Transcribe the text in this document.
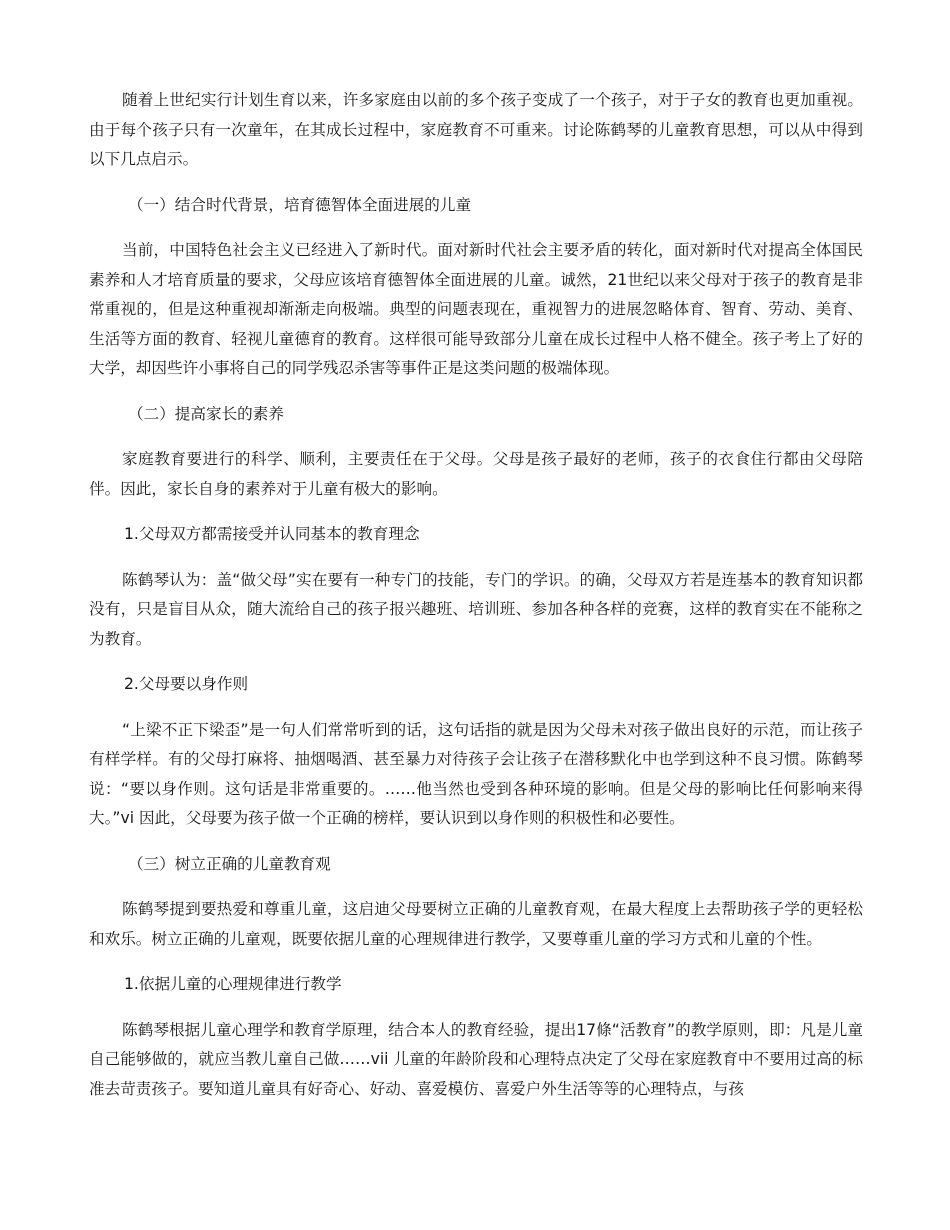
随着上世纪实行计划生育以来，许多家庭由以前的多个孩子变成了一个孩子，对于子女的教育也更加重视。由于每个孩子只有一次童年，在其成长过程中，家庭教育不可重来。讨论陈鹤琴的儿童教育思想，可以从中得到以下几点启示。

（一）结合时代背景，培育德智体全面进展的儿童

当前，中国特色社会主义已经进入了新时代。面对新时代社会主要矛盾的转化，面对新时代对提高全体国民素养和人才培育质量的要求，父母应该培育德智体全面进展的儿童。诚然，21世纪以来父母对于孩子的教育是非常重视的，但是这种重视却渐渐走向极端。典型的问题表现在，重视智力的进展忽略体育、智育、劳动、美育、生活等方面的教育、轻视儿童德育的教育。这样很可能导致部分儿童在成长过程中人格不健全。孩子考上了好的大学，却因些许小事将自己的同学残忍杀害等事件正是这类问题的极端体现。

（二）提高家长的素养

家庭教育要进行的科学、顺利，主要责任在于父母。父母是孩子最好的老师，孩子的衣食住行都由父母陪伴。因此，家长自身的素养对于儿童有极大的影响。

1.父母双方都需接受并认同基本的教育理念

陈鹤琴认为：盖“做父母”实在要有一种专门的技能，专门的学识。的确，父母双方若是连基本的教育知识都没有，只是盲目从众，随大流给自己的孩子报兴趣班、培训班、参加各种各样的竞赛，这样的教育实在不能称之为教育。

2.父母要以身作则

“上梁不正下梁歪”是一句人们常常听到的话，这句话指的就是因为父母未对孩子做出良好的示范，而让孩子有样学样。有的父母打麻将、抽烟喝酒、甚至暴力对待孩子会让孩子在潜移默化中也学到这种不良习惯。陈鹤琴说：“要以身作则。这句话是非常重要的。……他当然也受到各种环境的影响。但是父母的影响比任何影响来得大。”vi 因此，父母要为孩子做一个正确的榜样，要认识到以身作则的积极性和必要性。

（三）树立正确的儿童教育观

陈鹤琴提到要热爱和尊重儿童，这启迪父母要树立正确的儿童教育观，在最大程度上去帮助孩子学的更轻松和欢乐。树立正确的儿童观，既要依据儿童的心理规律进行教学，又要尊重儿童的学习方式和儿童的个性。

1.依据儿童的心理规律进行教学

陈鹤琴根据儿童心理学和教育学原理，结合本人的教育经验，提出17條“活教育”的教学原则，即：凡是儿童自己能够做的，就应当教儿童自己做……vii 儿童的年龄阶段和心理特点决定了父母在家庭教育中不要用过高的标准去苛责孩子。要知道儿童具有好奇心、好动、喜爱模仿、喜爱户外生活等等的心理特点，与孩
